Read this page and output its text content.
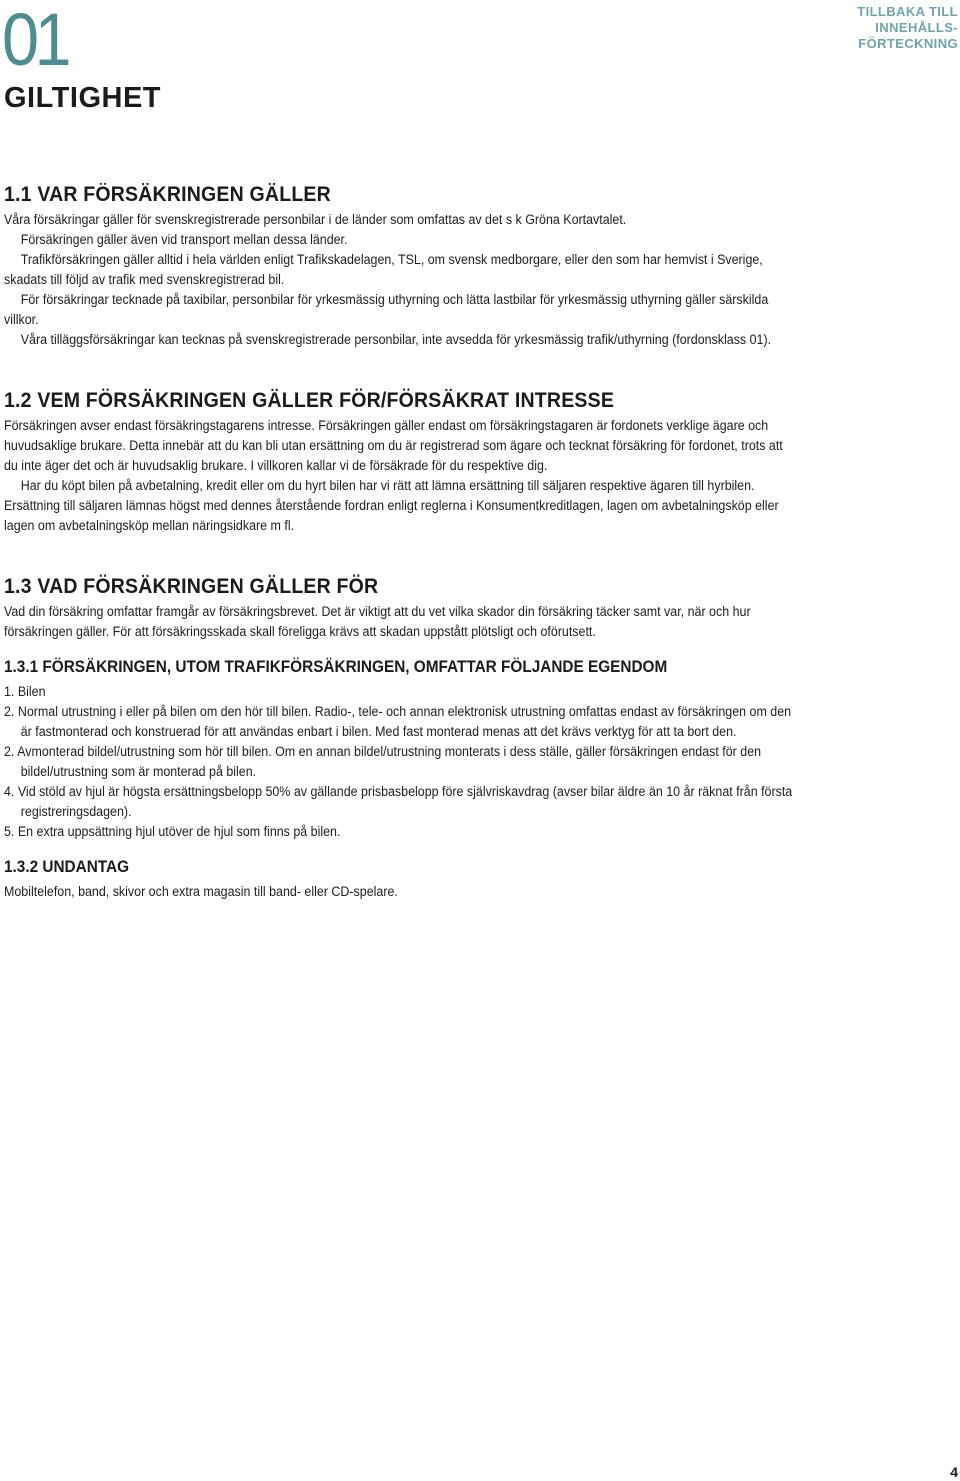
01
GILTIGHET
TILLBAKA TILL
INNEHÅLLS-
FÖRTECKNING
1.1 VAR FÖRSÄKRINGEN GÄLLER

Våra försäkringar gäller för svenskregistrerade personbilar i de länder som omfattas av det s k Gröna Kortavtalet.

Försäkringen gäller även vid transport mellan dessa länder.

Trafikförsäkringen gäller alltid i hela världen enligt Trafikskadelagen, TSL, om svensk medborgare, eller den som har hemvist i Sverige, skadats till följd av trafik med svenskregistrerad bil.

För försäkringar tecknade på taxibilar, personbilar för yrkesmässig uthyrning och lätta lastbilar för yrkesmässig uthyrning gäller särskilda villkor.

Våra tilläggsförsäkringar kan tecknas på svenskregistrerade personbilar, inte avsedda för yrkesmässig trafik/uthyrning (fordonsklass 01).

1.2 VEM FÖRSÄKRINGEN GÄLLER FÖR/FÖRSÄKRAT INTRESSE

Försäkringen avser endast försäkringstagarens intresse. Försäkringen gäller endast om försäkringstagaren är fordonets verklige ägare och huvudsaklige brukare. Detta innebär att du kan bli utan ersättning om du är registrerad som ägare och tecknat försäkring för fordonet, trots att du inte äger det och är huvudsaklig brukare. I villkoren kallar vi de försäkrade för du respektive dig.

Har du köpt bilen på avbetalning, kredit eller om du hyrt bilen har vi rätt att lämna ersättning till säljaren respektive ägaren till hyrbilen. Ersättning till säljaren lämnas högst med dennes återstående fordran enligt reglerna i Konsumentkreditlagen, lagen om avbetalningsköp eller lagen om avbetalningsköp mellan näringsidkare m fl.

1.3 VAD FÖRSÄKRINGEN GÄLLER FÖR

Vad din försäkring omfattar framgår av försäkringsbrevet. Det är viktigt att du vet vilka skador din försäkring täcker samt var, när och hur försäkringen gäller. För att försäkringsskada skall föreligga krävs att skadan uppstått plötsligt och oförutsett.

1.3.1 FÖRSÄKRINGEN, UTOM TRAFIKFÖRSÄKRINGEN, OMFATTAR FÖLJANDE EGENDOM

1. Bilen

2. Normal utrustning i eller på bilen om den hör till bilen. Radio-, tele- och annan elektronisk utrustning omfattas endast av försäkringen om den är fastmonterad och konstruerad för att användas enbart i bilen. Med fast monterad menas att det krävs verktyg för att ta bort den.

2. Avmonterad bildel/utrustning som hör till bilen. Om en annan bildel/utrustning monterats i dess ställe, gäller försäkringen endast för den bildel/utrustning som är monterad på bilen.

4. Vid stöld av hjul är högsta ersättningsbelopp 50% av gällande prisbasbelopp före självriskavdrag (avser bilar äldre än 10 år räknat från första registreringsdagen).

5. En extra uppsättning hjul utöver de hjul som finns på bilen.

1.3.2 UNDANTAG

Mobiltelefon, band, skivor och extra magasin till band- eller CD-spelare.

4
